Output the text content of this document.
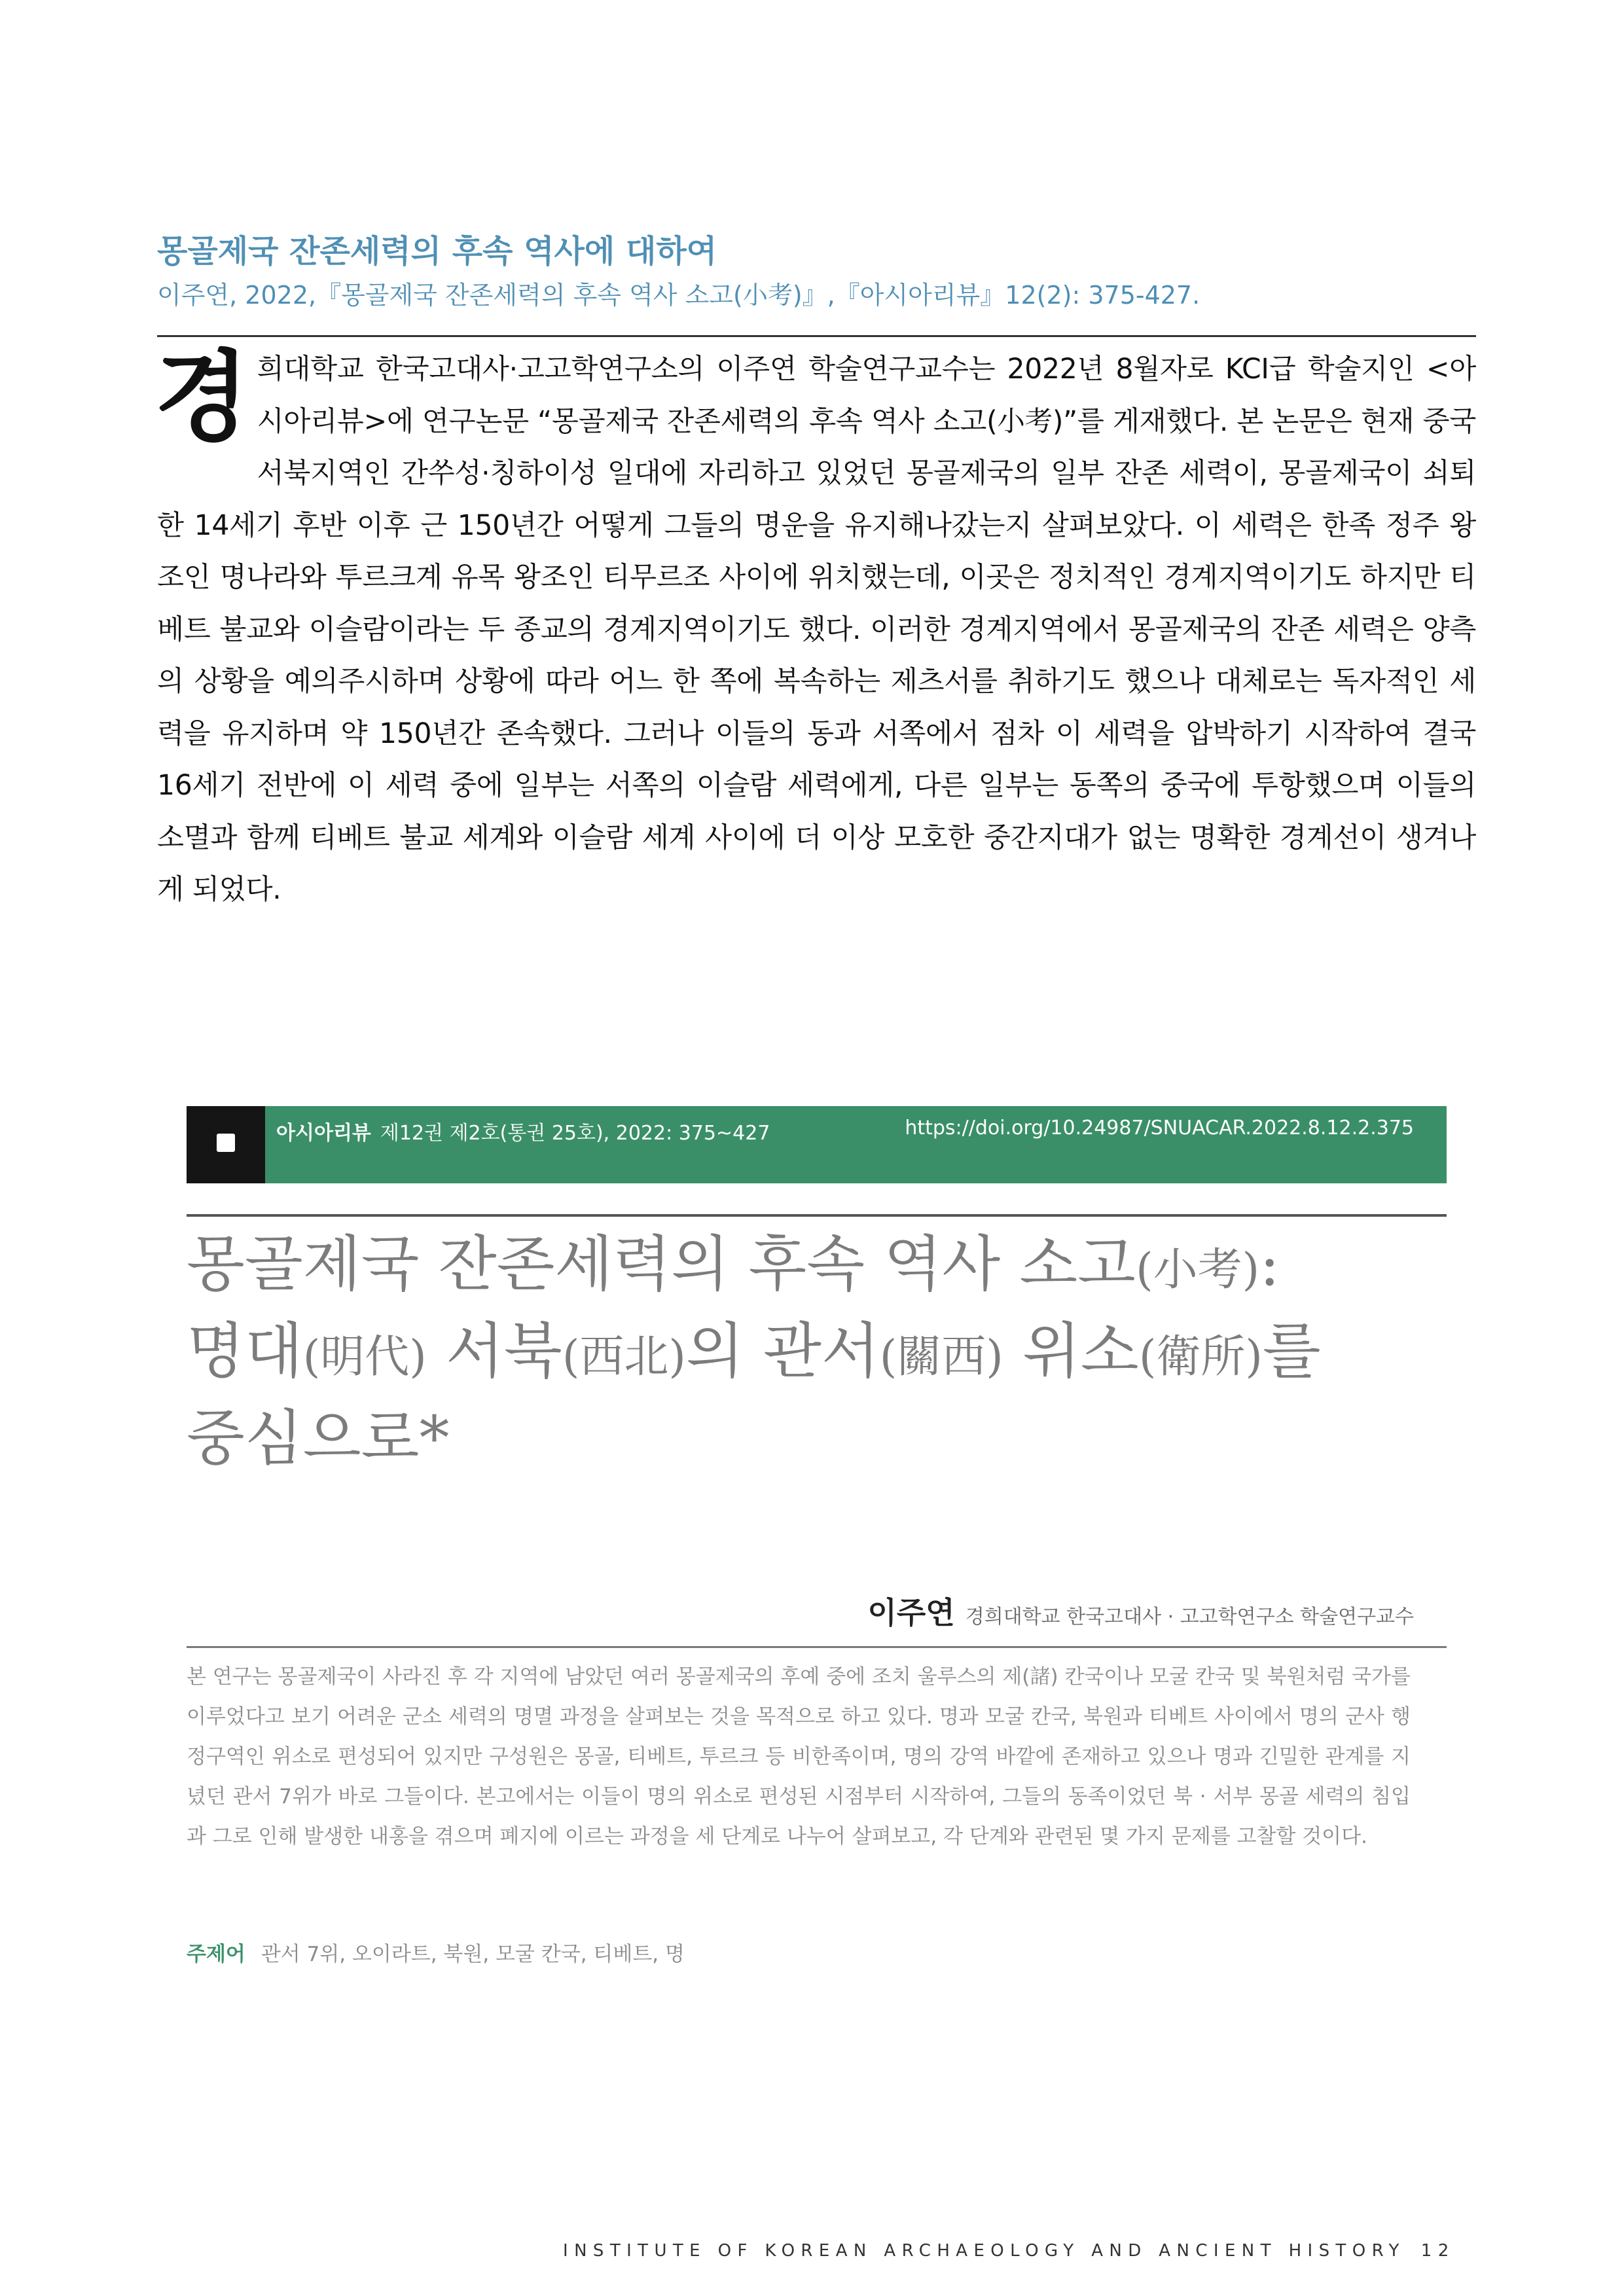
몽골제국 잔존세력의 후속 역사에 대하여
이주연, 2022,『몽골제국 잔존세력의 후속 역사 소고(小考)』,『아시아리뷰』12(2): 375-427.
경 희대학교 한국고대사·고고학연구소의 이주연 학술연구교수는 2022년 8월자로 KCI급 학술지인 <아시아리뷰>에 연구논문 “몽골제국 잔존세력의 후속 역사 소고(小考)”를 게재했다. 본 논문은 현재 중국 서북지역인 간쑤성·칭하이성 일대에 자리하고 있었던 몽골제국의 일부 잔존 세력이, 몽골제국이 쇠퇴한 14세기 후반 이후 근 150년간 어떻게 그들의 명운을 유지해나갔는지 살펴보았다. 이 세력은 한족 정주 왕조인 명나라와 투르크계 유목 왕조인 티무르조 사이에 위치했는데, 이곳은 정치적인 경계지역이기도 하지만 티베트 불교와 이슬람이라는 두 종교의 경계지역이기도 했다. 이러한 경계지역에서 몽골제국의 잔존 세력은 양측의 상황을 예의주시하며 상황에 따라 어느 한 쪽에 복속하는 제츠서를 취하기도 했으나 대체로는 독자적인 세력을 유지하며 약 150년간 존속했다. 그러나 이들의 동과 서쪽에서 점차 이 세력을 압박하기 시작하여 결국 16세기 전반에 이 세력 중에 일부는 서쪽의 이슬람 세력에게, 다른 일부는 동쪽의 중국에 투항했으며 이들의 소멸과 함께 티베트 불교 세계와 이슬람 세계 사이에 더 이상 모호한 중간지대가 없는 명확한 경계선이 생겨나게 되었다.
아시아리뷰 제12권 제2호(통권 25호), 2022: 375~427	https://doi.org/10.24987/SNUACAR.2022.8.12.2.375
몽골제국 잔존세력의 후속 역사 소고(小考):
명대(明代) 서북(西北)의 관서(關西) 위소(衛所)를
중심으로*
이주연 경희대학교 한국고대사 · 고고학연구소 학술연구교수
본 연구는 몽골제국이 사라진 후 각 지역에 남았던 여러 몽골제국의 후예 중에 조치 울루스의 제(諸) 칸국이나 모굴 칸국 및 북원처럼 국가를 이루었다고 보기 어려운 군소 세력의 명멸 과정을 살펴보는 것을 목적으로 하고 있다. 명과 모굴 칸국, 북원과 티베트 사이에서 명의 군사 행정구역인 위소로 편성되어 있지만 구성원은 몽골, 티베트, 투르크 등 비한족이며, 명의 강역 바깥에 존재하고 있으나 명과 긴밀한 관계를 지녔던 관서 7위가 바로 그들이다. 본고에서는 이들이 명의 위소로 편성된 시점부터 시작하여, 그들의 동족이었던 북 · 서부 몽골 세력의 침입과 그로 인해 발생한 내홍을 겪으며 폐지에 이르는 과정을 세 단계로 나누어 살펴보고, 각 단계와 관련된 몇 가지 문제를 고찰할 것이다.
주제어 관서 7위, 오이라트, 북원, 모굴 칸국, 티베트, 명
INSTITUTE OF KOREAN ARCHAEOLOGY AND ANCIENT HISTORY 12
